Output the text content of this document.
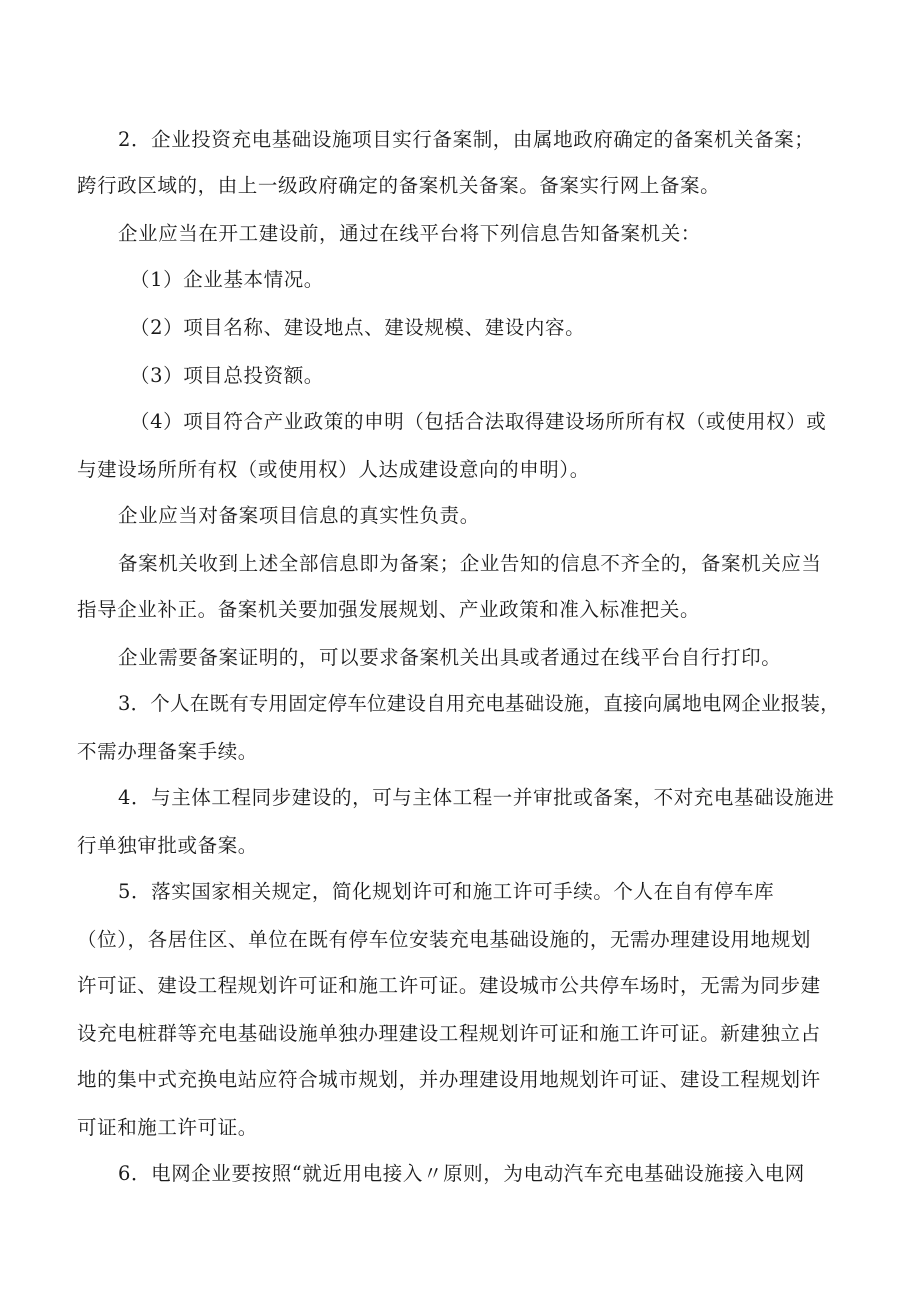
2．企业投资充电基础设施项目实行备案制，由属地政府确定的备案机关备案；
跨行政区域的，由上一级政府确定的备案机关备案。备案实行网上备案。
企业应当在开工建设前，通过在线平台将下列信息告知备案机关：
（1）企业基本情况。
（2）项目名称、建设地点、建设规模、建设内容。
（3）项目总投资额。
（4）项目符合产业政策的申明（包括合法取得建设场所所有权（或使用权）或
与建设场所所有权（或使用权）人达成建设意向的申明）。
企业应当对备案项目信息的真实性负责。
备案机关收到上述全部信息即为备案；企业告知的信息不齐全的，备案机关应当
指导企业补正。备案机关要加强发展规划、产业政策和准入标准把关。
企业需要备案证明的，可以要求备案机关出具或者通过在线平台自行打印。
3．个人在既有专用固定停车位建设自用充电基础设施，直接向属地电网企业报装，
不需办理备案手续。
4．与主体工程同步建设的，可与主体工程一并审批或备案，不对充电基础设施进
行单独审批或备案。
5．落实国家相关规定，简化规划许可和施工许可手续。个人在自有停车库
（位），各居住区、单位在既有停车位安装充电基础设施的，无需办理建设用地规划
许可证、建设工程规划许可证和施工许可证。建设城市公共停车场时，无需为同步建
设充电桩群等充电基础设施单独办理建设工程规划许可证和施工许可证。新建独立占
地的集中式充换电站应符合城市规划，并办理建设用地规划许可证、建设工程规划许
可证和施工许可证。
6．电网企业要按照“就近用电接入〃原则，为电动汽车充电基础设施接入电网
